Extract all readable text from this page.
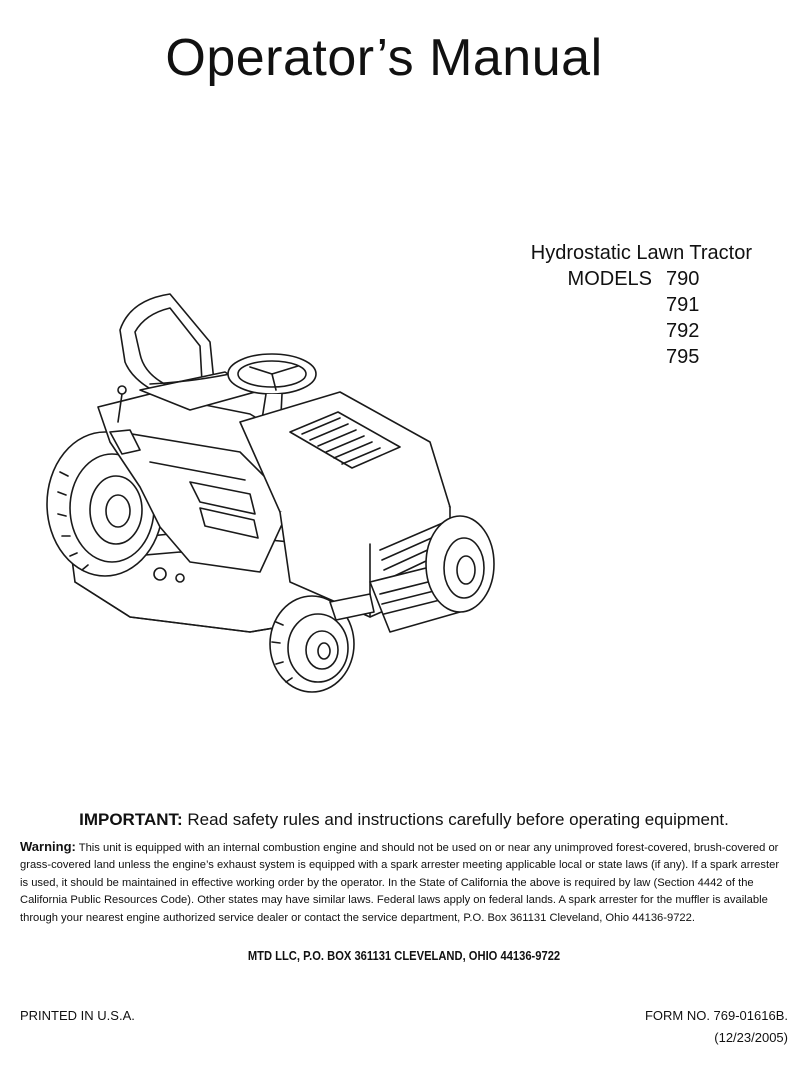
Operator’s Manual
Hydrostatic Lawn Tractor
MODELS 790
791
792
795
IMPORTANT: Read safety rules and instructions carefully before operating equipment.
Warning: This unit is equipped with an internal combustion engine and should not be used on or near any unimproved forest-covered, brush-covered or grass-covered land unless the engine’s exhaust system is equipped with a spark arrester meeting applicable local or state laws (if any). If a spark arrester is used, it should be maintained in effective working order by the operator. In the State of California the above is required by law (Section 4442 of the California Public Resources Code). Other states may have similar laws. Federal laws apply on federal lands. A spark arrester for the muffler is available through your nearest engine authorized service dealer or contact the service department, P.O. Box 361131 Cleveland, Ohio 44136-9722.
MTD LLC, P.O. BOX 361131 CLEVELAND, OHIO 44136-9722
PRINTED IN U.S.A.	FORM NO. 769-01616B.
(12/23/2005)
